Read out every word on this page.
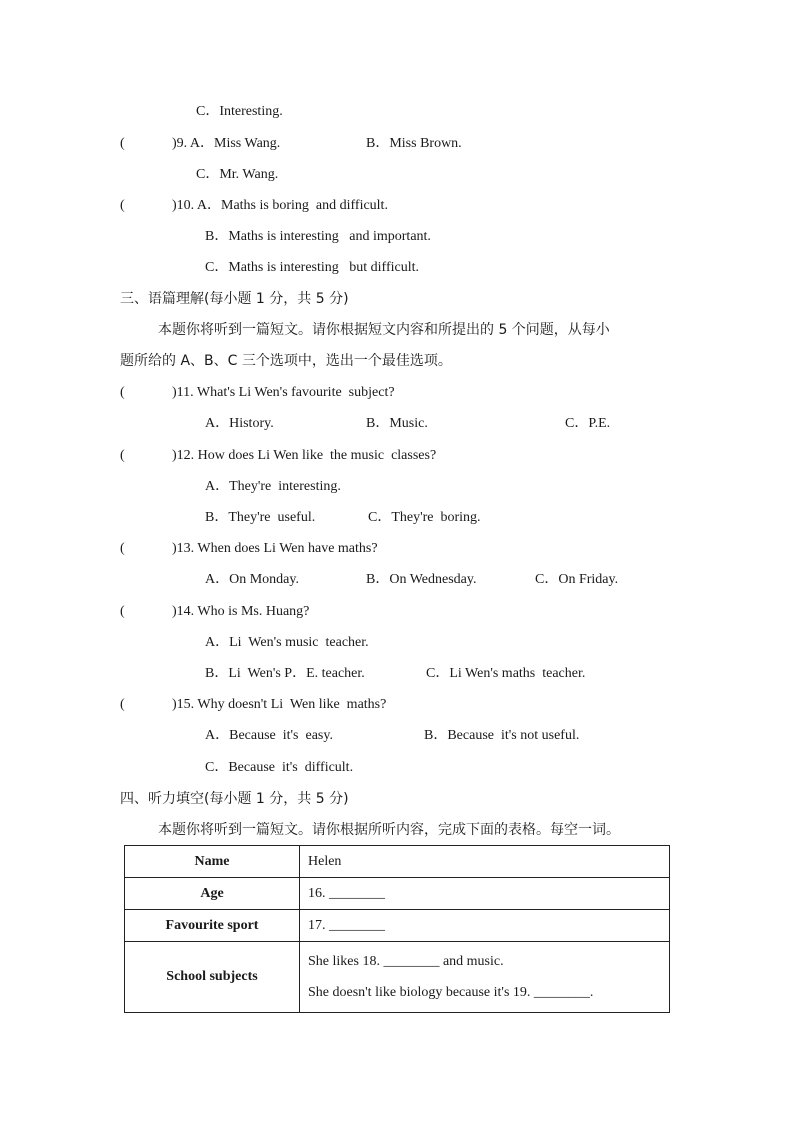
C．Interesting.
(	)9. A．Miss Wang.	B．Miss Brown.
C．Mr. Wang.
(	)10. A．Maths is boring  and difficult.
B．Maths is interesting   and important.
C．Maths is interesting   but difficult.
三、语篇理解(每小题 1 分，共 5 分)
本题你将听到一篇短文。请你根据短文内容和所提出的 5 个问题，从每小
题所给的 A、B、C 三个选项中，选出一个最佳选项。
(	)11. What's Li Wen's favourite  subject?
A．History.	B．Music.	C．P.E.
(	)12. How does Li Wen like  the music  classes?
A．They're  interesting.
B．They're  useful.	C．They're  boring.
(	)13. When does Li Wen have maths?
A．On Monday.	B．On Wednesday.	C．On Friday.
(	)14. Who is Ms. Huang?
A．Li  Wen's music  teacher.
B．Li  Wen's P．E. teacher.	C．Li Wen's maths  teacher.
(	)15. Why doesn't Li  Wen like  maths?
A．Because  it's  easy.	B．Because  it's not useful.
C．Because  it's  difficult.
四、听力填空(每小题 1 分，共 5 分)
本题你将听到一篇短文。请你根据所听内容，完成下面的表格。每空一词。
Name	Helen
Age	16. ________
Favourite sport	17. ________
School subjects	She likes 18. ________ and music.
She doesn't like biology because it's 19. ________.
